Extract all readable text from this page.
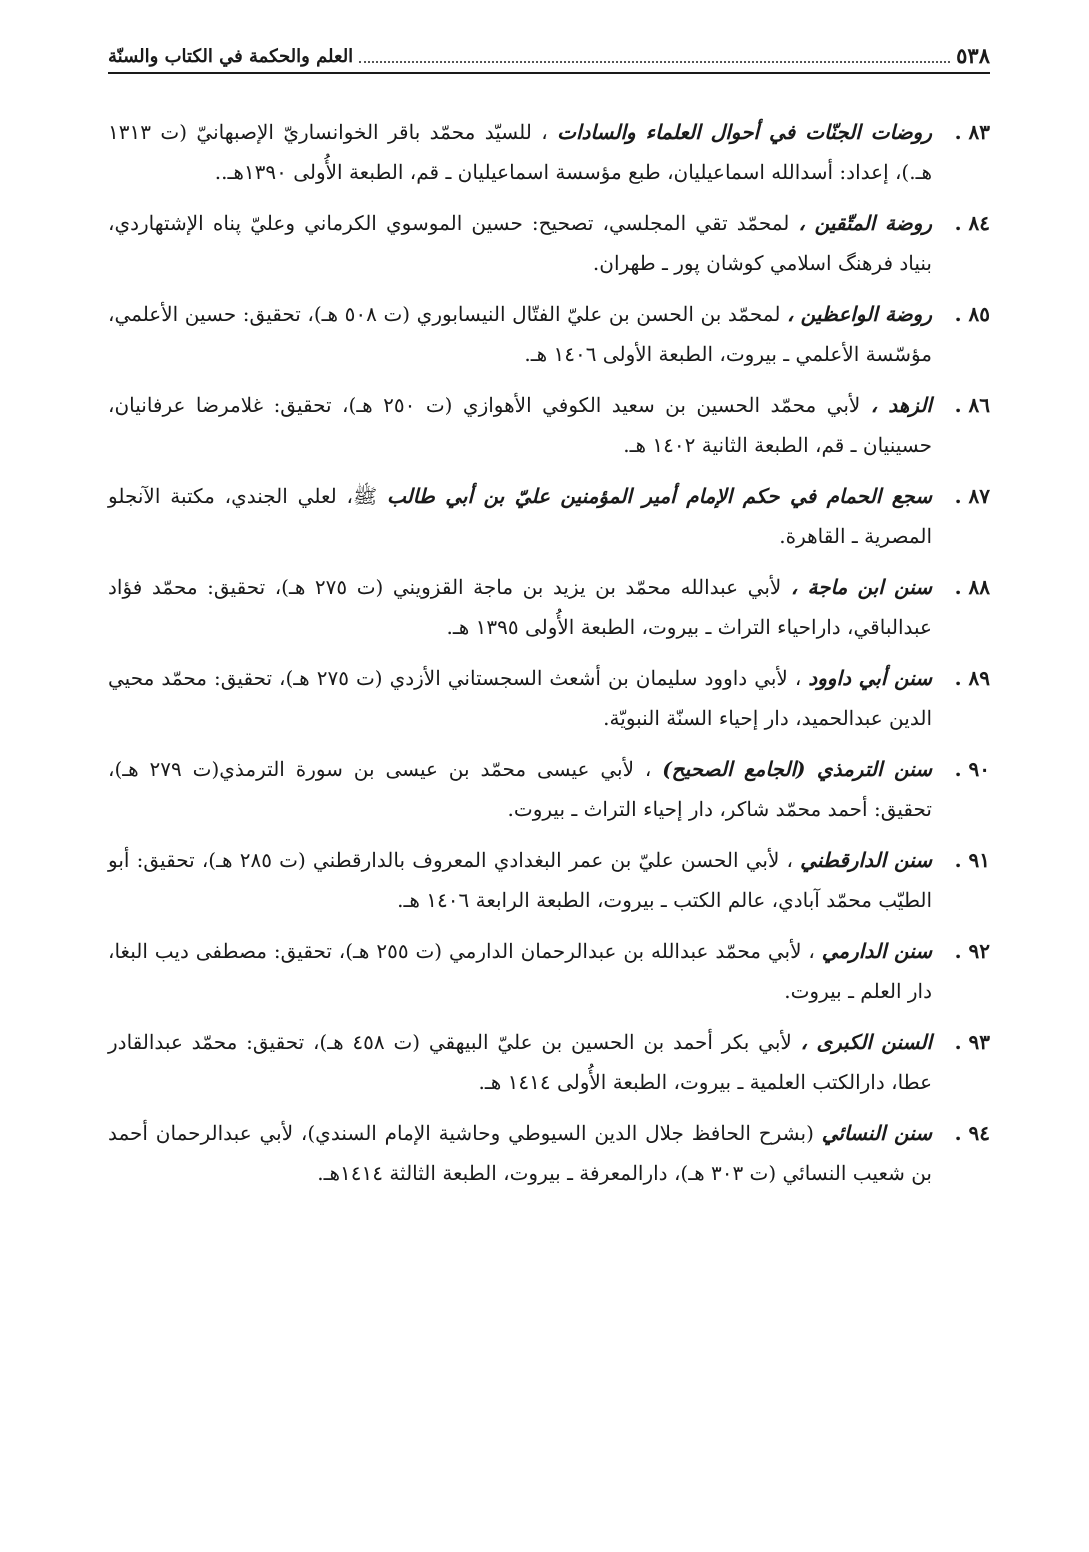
٥٣٨
العلم والحكمة في الكتاب والسنّة
٨٣ .
روضات الجنّات في أحوال العلماء والسادات ، للسيّد محمّد باقر الخوانساريّ الإصبهانيّ (ت ١٣١٣ هـ.)، إعداد: أسدالله اسماعيليان، طبع مؤسسة اسماعيليان ـ قم، الطبعة الأُولى ١٣٩٠هـ..
٨٤ .
روضة المتّقين ، لمحمّد تقي المجلسي، تصحيح: حسين الموسوي الكرماني وعليّ پناه الإشتهاردي، بنياد فرهنگ اسلامي كوشان پور ـ طهران.
٨٥ .
روضة الواعظين ، لمحمّد بن الحسن بن عليّ الفتّال النيسابوري (ت ٥٠٨ هـ)، تحقيق: حسين الأعلمي، مؤسّسة الأعلمي ـ بيروت، الطبعة الأولى ١٤٠٦ هـ.
٨٦ .
الزهد ، لأبي محمّد الحسين بن سعيد الكوفي الأهوازي (ت ٢٥٠ هـ)، تحقيق: غلامرضا عرفانيان، حسينيان ـ قم، الطبعة الثانية ١٤٠٢ هـ.
٨٧ .
سجع الحمام في حكم الإمام أمير المؤمنين عليّ بن أبي طالب ﷺ، لعلي الجندي، مكتبة الآنجلو المصرية ـ القاهرة.
٨٨ .
سنن ابن ماجة ، لأبي عبدالله محمّد بن يزيد بن ماجة القزويني (ت ٢٧٥ هـ)، تحقيق: محمّد فؤاد عبدالباقي، داراحياء التراث ـ بيروت، الطبعة الأُولى ١٣٩٥ هـ.
٨٩ .
سنن أبي داوود ، لأبي داوود سليمان بن أشعث السجستاني الأزدي (ت ٢٧٥ هـ)، تحقيق: محمّد محيي الدين عبدالحميد، دار إحياء السنّة النبويّة.
٩٠ .
سنن الترمذي (الجامع الصحيح) ، لأبي عيسى محمّد بن عيسى بن سورة الترمذي(ت ٢٧٩ هـ)، تحقيق: أحمد محمّد شاكر، دار إحياء التراث ـ بيروت.
٩١ .
سنن الدارقطني ، لأبي الحسن عليّ بن عمر البغدادي المعروف بالدارقطني (ت ٢٨٥ هـ)، تحقيق: أبو الطيّب محمّد آبادي، عالم الكتب ـ بيروت، الطبعة الرابعة ١٤٠٦ هـ.
٩٢ .
سنن الدارمي ، لأبي محمّد عبدالله بن عبدالرحمان الدارمي (ت ٢٥٥ هـ)، تحقيق: مصطفى ديب البغا، دار العلم ـ بيروت.
٩٣ .
السنن الكبرى ، لأبي بكر أحمد بن الحسين بن عليّ البيهقي (ت ٤٥٨ هـ)، تحقيق: محمّد عبدالقادر عطا، دارالكتب العلمية ـ بيروت، الطبعة الأُولى ١٤١٤ هـ.
٩٤ .
سنن النسائي (بشرح الحافظ جلال الدين السيوطي وحاشية الإمام السندي)، لأبي عبدالرحمان أحمد بن شعيب النسائي (ت ٣٠٣ هـ)، دارالمعرفة ـ بيروت، الطبعة الثالثة ١٤١٤هـ.
